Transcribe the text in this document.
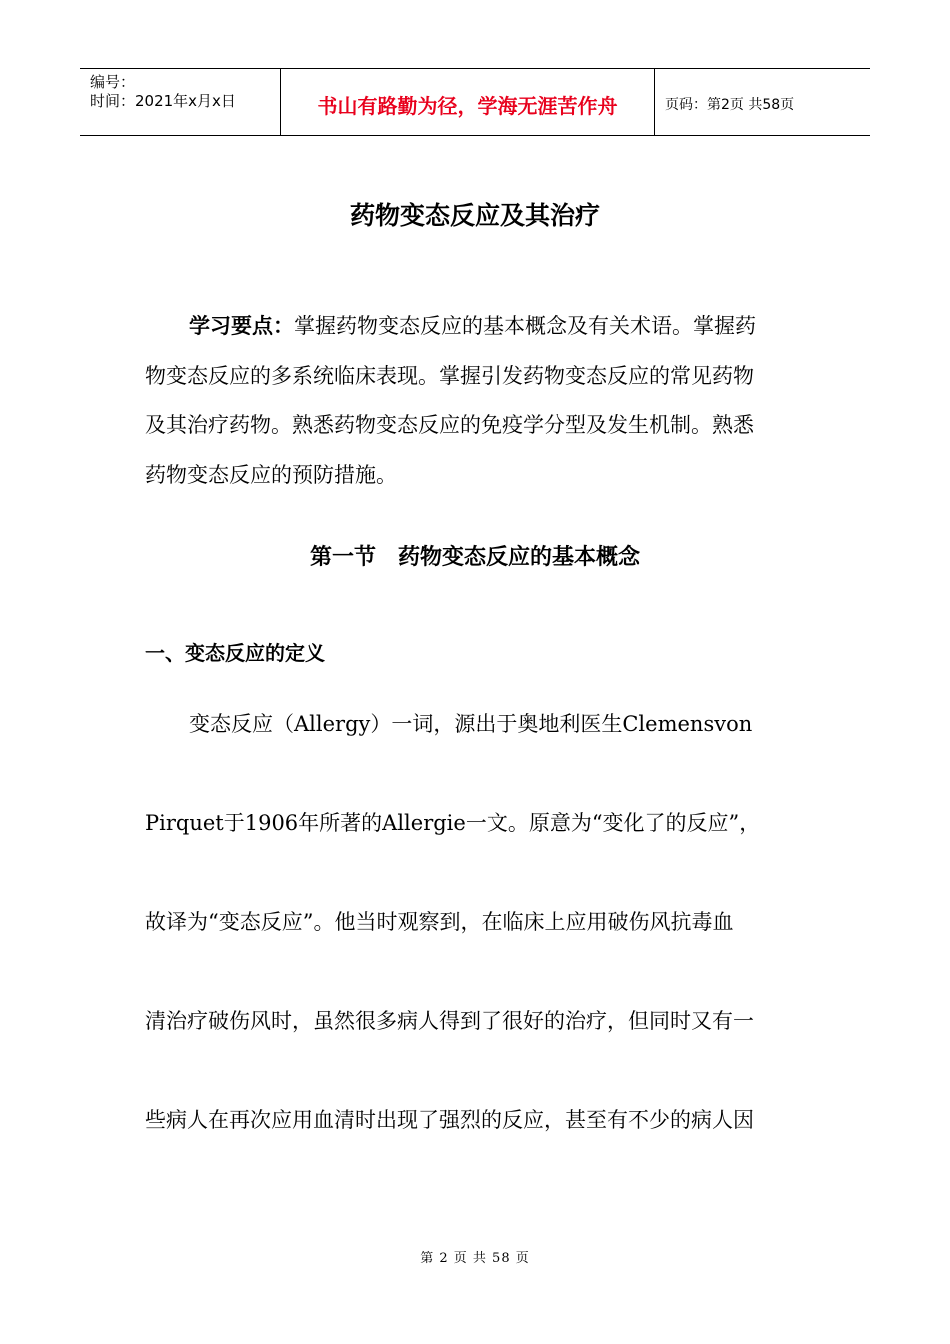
编号：
时间：2021年x月x日	书山有路勤为径，学海无涯苦作舟	页码：第2页 共58页
药物变态反应及其治疗
学习要点：掌握药物变态反应的基本概念及有关术语。掌握药
物变态反应的多系统临床表现。掌握引发药物变态反应的常见药物
及其治疗药物。熟悉药物变态反应的免疫学分型及发生机制。熟悉
药物变态反应的预防措施。
第一节　药物变态反应的基本概念
一、变态反应的定义
变态反应（Allergy）一词，源出于奥地利医生Clemensvon
Pirquet于1906年所著的Allergie一文。原意为“变化了的反应”，
故译为“变态反应”。他当时观察到，在临床上应用破伤风抗毒血
清治疗破伤风时，虽然很多病人得到了很好的治疗，但同时又有一
些病人在再次应用血清时出现了强烈的反应，甚至有不少的病人因
第 2 页 共 58 页
